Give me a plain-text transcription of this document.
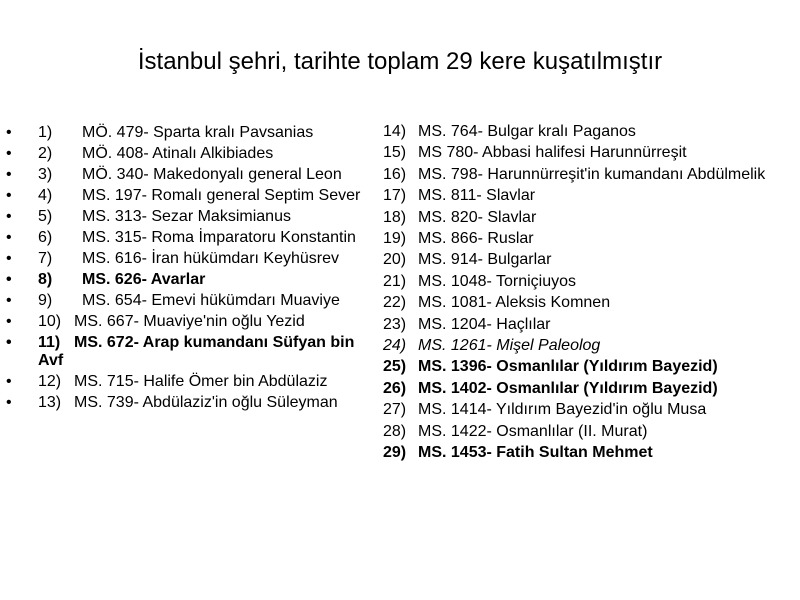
İstanbul şehri, tarihte toplam 29 kere kuşatılmıştır
•	1) MÖ. 479- Sparta kralı Pavsanias
•	2) MÖ. 408- Atinalı Alkibiades
•	3) MÖ. 340- Makedonyalı general Leon
•	4) MS. 197- Romalı general Septim Sever
•	5) MS. 313- Sezar Maksimianus
•	6) MS. 315- Roma İmparatoru Konstantin
•	7) MS. 616- İran hükümdarı Keyhüsrev
•	8) MS. 626- Avarlar
•	9) MS. 654- Emevi hükümdarı Muaviye
•	10) MS. 667- Muaviye'nin oğlu Yezid
•	11) MS. 672- Arap kumandanı Süfyan bin Avf
•	12) MS. 715- Halife Ömer bin Abdülaziz
•	13) MS. 739- Abdülaziz'in oğlu Süleyman
14) MS. 764- Bulgar kralı Paganos
15) MS 780- Abbasi halifesi Harunnürreşit
16) MS. 798- Harunnürreşit'in kumandanı Abdülmelik
17) MS. 811- Slavlar
18) MS. 820- Slavlar
19) MS. 866- Ruslar
20) MS. 914- Bulgarlar
21) MS. 1048- Torniçiuyos
22) MS. 1081- Aleksis Komnen
23) MS. 1204- Haçlılar
24) MS. 1261- Mişel Paleolog
25) MS. 1396- Osmanlılar (Yıldırım Bayezid)
26) MS. 1402- Osmanlılar (Yıldırım Bayezid)
27) MS. 1414- Yıldırım Bayezid'in oğlu Musa
28) MS. 1422- Osmanlılar (II. Murat)
29) MS. 1453- Fatih Sultan Mehmet
